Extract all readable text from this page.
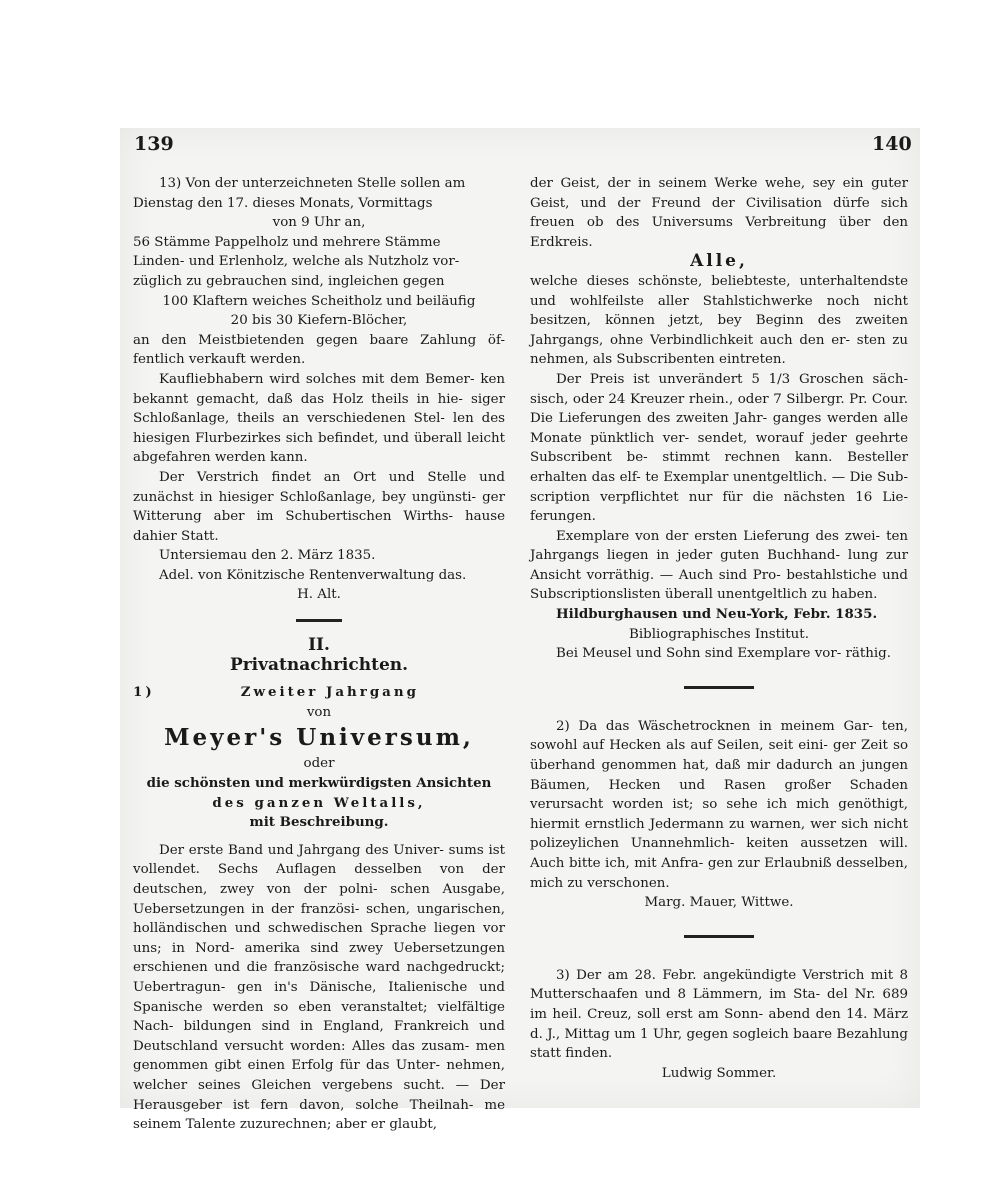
139	140

13) Von der unterzeichneten Stelle sollen am

Dienstag den 17. dieses Monats, Vormittags

von 9 Uhr an,

56 Stämme Pappelholz und mehrere Stämme

Linden- und Erlenholz, welche als Nutzholz vor-

züglich zu gebrauchen sind, ingleichen gegen

100 Klaftern weiches Scheitholz und beiläufig

20 bis 30 Kiefern-Blöcher,

an den Meistbietenden gegen baare Zahlung öf- fentlich verkauft werden.

Kaufliebhabern wird solches mit dem Bemer- ken bekannt gemacht, daß das Holz theils in hie- siger Schloßanlage, theils an verschiedenen Stel- len des hiesigen Flurbezirkes sich befindet, und überall leicht abgefahren werden kann.

Der Verstrich findet an Ort und Stelle und zunächst in hiesiger Schloßanlage, bey ungünsti- ger Witterung aber im Schubertischen Wirths- hause dahier Statt.

Untersiemau den 2. März 1835.

Adel. von Könitzische Rentenverwaltung das.

H. Alt.

II.

Privatnachrichten.

1)	Zweiter Jahrgang

von

Meyer's Universum,

oder

die schönsten und merkwürdigsten Ansichten

des ganzen Weltalls,

mit Beschreibung.

Der erste Band und Jahrgang des Univer- sums ist vollendet. Sechs Auflagen desselben von der deutschen, zwey von der polni- schen Ausgabe, Uebersetzungen in der französi- schen, ungarischen, holländischen und schwedischen Sprache liegen vor uns; in Nord- amerika sind zwey Uebersetzungen erschienen und die französische ward nachgedruckt; Uebertragun- gen in's Dänische, Italienische und Spanische werden so eben veranstaltet; vielfältige Nach- bildungen sind in England, Frankreich und Deutschland versucht worden: Alles das zusam- men genommen gibt einen Erfolg für das Unter- nehmen, welcher seines Gleichen vergebens sucht. — Der Herausgeber ist fern davon, solche Theilnah- me seinem Talente zuzurechnen; aber er glaubt,

der Geist, der in seinem Werke wehe, sey ein guter Geist, und der Freund der Civilisation dürfe sich freuen ob des Universums Verbreitung über den Erdkreis.

Alle,

welche dieses schönste, beliebteste, unterhaltendste und wohlfeilste aller Stahlstichwerke noch nicht besitzen, können jetzt, bey Beginn des zweiten Jahrgangs, ohne Verbindlichkeit auch den er- sten zu nehmen, als Subscribenten eintreten.

Der Preis ist unverändert 5 1/3 Groschen säch- sisch, oder 24 Kreuzer rhein., oder 7 Silbergr. Pr. Cour. Die Lieferungen des zweiten Jahr- ganges werden alle Monate pünktlich ver- sendet, worauf jeder geehrte Subscribent be- stimmt rechnen kann. Besteller erhalten das elf- te Exemplar unentgeltlich. — Die Sub- scription verpflichtet nur für die nächsten 16 Lie- ferungen.

Exemplare von der ersten Lieferung des zwei- ten Jahrgangs liegen in jeder guten Buchhand- lung zur Ansicht vorräthig. — Auch sind Pro- bestahlstiche und Subscriptionslisten überall unentgeltlich zu haben.

Hildburghausen und Neu-York, Febr. 1835.

Bibliographisches Institut.

Bei Meusel und Sohn sind Exemplare vor- räthig.

2) Da das Wäschetrocknen in meinem Gar- ten, sowohl auf Hecken als auf Seilen, seit eini- ger Zeit so überhand genommen hat, daß mir dadurch an jungen Bäumen, Hecken und Rasen großer Schaden verursacht worden ist; so sehe ich mich genöthigt, hiermit ernstlich Jedermann zu warnen, wer sich nicht polizeylichen Unannehmlich- keiten aussetzen will. Auch bitte ich, mit Anfra- gen zur Erlaubniß desselben, mich zu verschonen.

Marg. Mauer, Wittwe.

3) Der am 28. Febr. angekündigte Verstrich mit 8 Mutterschaafen und 8 Lämmern, im Sta- del Nr. 689 im heil. Creuz, soll erst am Sonn- abend den 14. März d. J., Mittag um 1 Uhr, gegen sogleich baare Bezahlung statt finden.

Ludwig Sommer.
